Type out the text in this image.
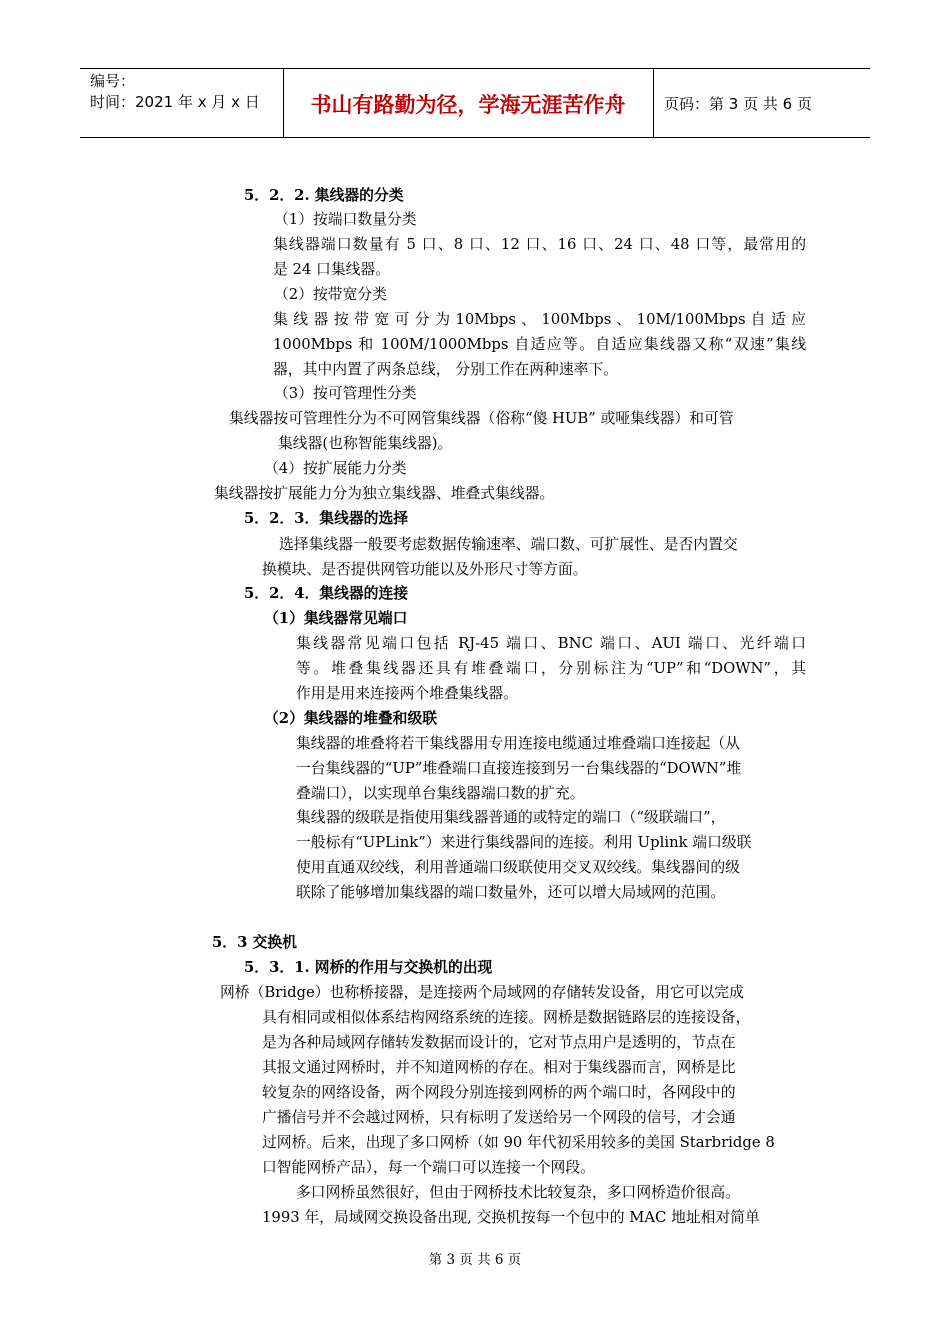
编号：
时间：2021 年 x 月 x 日	书山有路勤为径，学海无涯苦作舟	页码：第 3 页 共 6 页
5．2．2. 集线器的分类
（1）按端口数量分类
集线器端口数量有 5 口、8 口、12 口、16 口、24 口、48 口等，最常用的
是 24 口集线器。
（2）按带宽分类
集 线 器 按 带 宽 可 分 为 10Mbps 、 100Mbps 、 10M/100Mbps 自 适 应
1000Mbps 和 100M/1000Mbps 自适应等。自适应集线器又称“双速”集线
器，其中内置了两条总线， 分别工作在两种速率下。
（3）按可管理性分类
集线器按可管理性分为不可网管集线器（俗称“傻 HUB” 或哑集线器）和可管
集线器(也称智能集线器)。
（4）按扩展能力分类
集线器按扩展能力分为独立集线器、堆叠式集线器。
5．2．3．集线器的选择
选择集线器一般要考虑数据传输速率、端口数、可扩展性、是否内置交
换模块、是否提供网管功能以及外形尺寸等方面。
5．2．4．集线器的连接
（1）集线器常见端口
集线器常见端口包括 RJ-45 端口、BNC 端口、AUI 端口、光纤端口
等。堆叠集线器还具有堆叠端口，分别标注为“UP”和“DOWN”，其
作用是用来连接两个堆叠集线器。
（2）集线器的堆叠和级联
集线器的堆叠将若干集线器用专用连接电缆通过堆叠端口连接起（从
一台集线器的“UP”堆叠端口直接连接到另一台集线器的“DOWN”堆
叠端口），以实现单台集线器端口数的扩充。
集线器的级联是指使用集线器普通的或特定的端口（“级联端口”，
一般标有“UPLink”）来进行集线器间的连接。利用 Uplink 端口级联
使用直通双绞线，利用普通端口级联使用交叉双绞线。集线器间的级
联除了能够增加集线器的端口数量外，还可以增大局域网的范围。
5．3 交换机
5．3．1. 网桥的作用与交换机的出现
网桥（Bridge）也称桥接器，是连接两个局域网的存储转发设备，用它可以完成
具有相同或相似体系结构网络系统的连接。网桥是数据链路层的连接设备，
是为各种局域网存储转发数据而设计的，它对节点用户是透明的，节点在
其报文通过网桥时，并不知道网桥的存在。相对于集线器而言，网桥是比
较复杂的网络设备，两个网段分别连接到网桥的两个端口时，各网段中的
广播信号并不会越过网桥，只有标明了发送给另一个网段的信号，才会通
过网桥。后来，出现了多口网桥（如 90 年代初采用较多的美国 Starbridge 8
口智能网桥产品），每一个端口可以连接一个网段。
多口网桥虽然很好，但由于网桥技术比较复杂，多口网桥造价很高。
1993 年，局域网交换设备出现, 交换机按每一个包中的 MAC 地址相对简单
第 3 页 共 6 页
